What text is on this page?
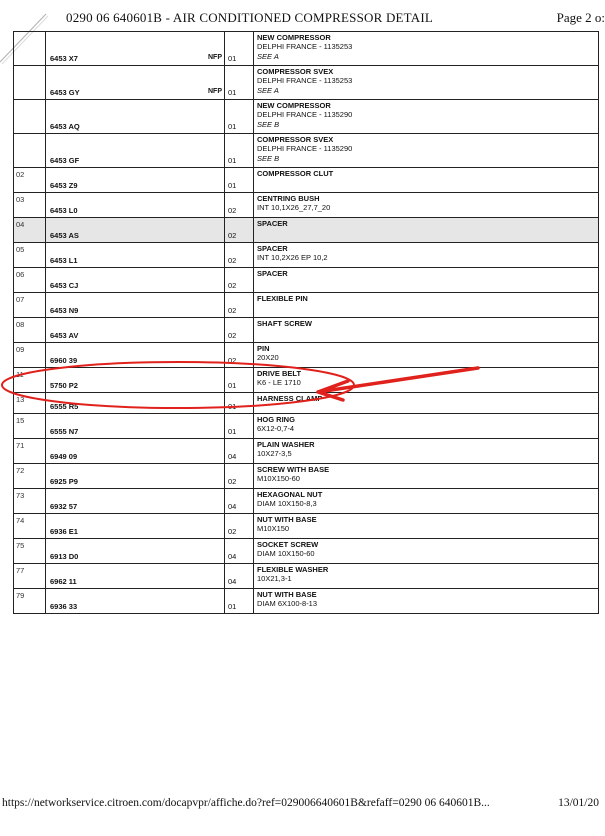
0290 06 640601B - AIR CONDITIONED COMPRESSOR DETAIL	Page 2 o:

	6453 X7 NFP	01	NEW COMPRESSOR
DELPHI FRANCE - 1135253
SEE A

	6453 GY NFP	01	COMPRESSOR SVEX
DELPHI FRANCE - 1135253
SEE A

	6453 AQ	01	NEW COMPRESSOR
DELPHI FRANCE - 1135290
SEE B

	6453 GF	01	COMPRESSOR SVEX
DELPHI FRANCE - 1135290
SEE B

02	6453 Z9	01	COMPRESSOR CLUT

03	6453 L0	02	CENTRING BUSH
INT 10,1X26_27,7_20

04	6453 AS	02	SPACER

05	6453 L1	02	SPACER
INT 10,2X26 EP 10,2

06	6453 CJ	02	SPACER

07	6453 N9	02	FLEXIBLE PIN

08	6453 AV	02	SHAFT SCREW

09	6960 39	02	PIN
20X20

11	5750 P2	01	DRIVE BELT
K6 - LE 1710

13	6555 R5	01	HARNESS CLAMP

15	6555 N7	01	HOG RING
6X12-0,7-4

71	6949 09	04	PLAIN WASHER
10X27-3,5

72	6925 P9	02	SCREW WITH BASE
M10X150-60

73	6932 57	04	HEXAGONAL NUT
DIAM 10X150-8,3

74	6936 E1	02	NUT WITH BASE
M10X150

75	6913 D0	04	SOCKET SCREW
DIAM 10X150-60

77	6962 11	04	FLEXIBLE WASHER
10X21,3-1

79	6936 33	01	NUT WITH BASE
DIAM 6X100-8-13
https://networkservice.citroen.com/docapvpr/affiche.do?ref=029006640601B&refaff=0290 06 640601B...	13/01/20
